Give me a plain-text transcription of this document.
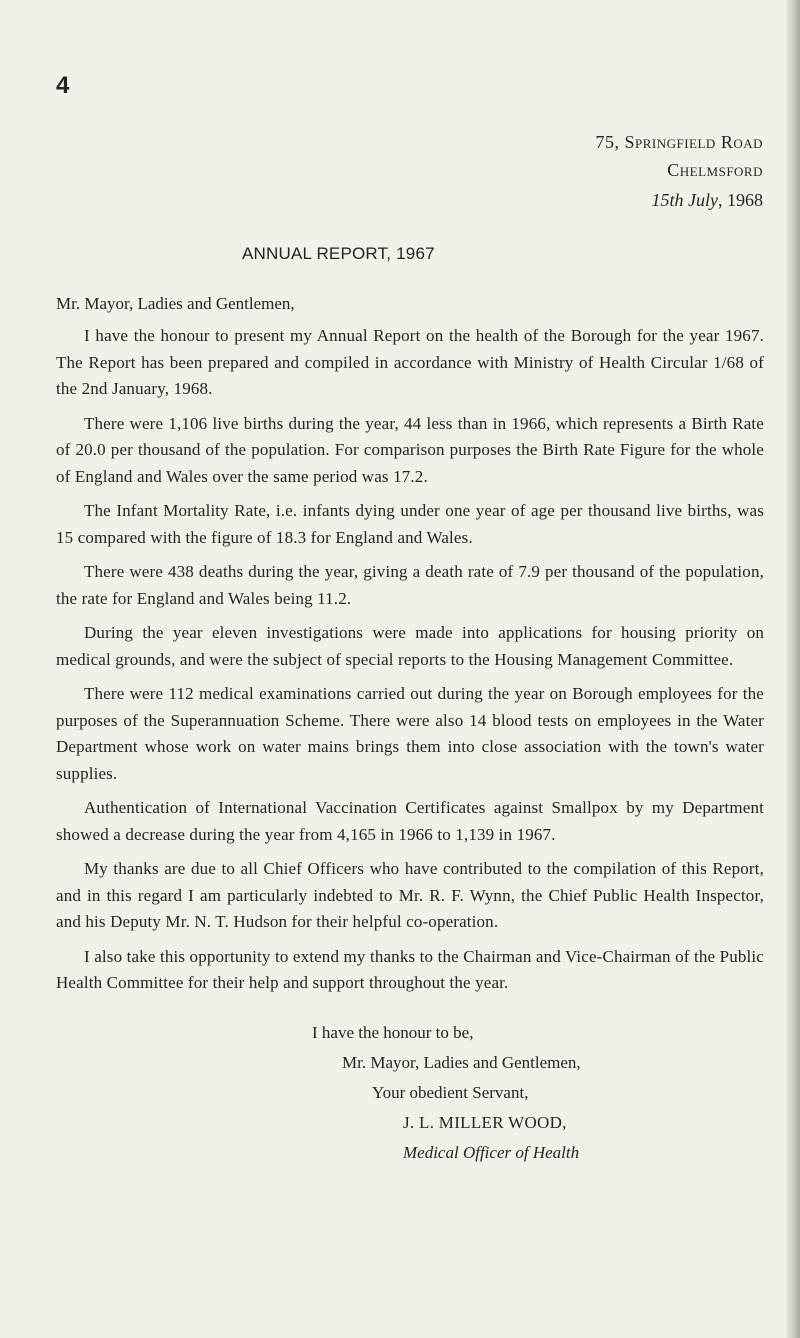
4

75, Springfield Road

Chelmsford

15th July, 1968

ANNUAL REPORT, 1967

Mr. Mayor, Ladies and Gentlemen,

I have the honour to present my Annual Report on the health of the Borough for the year 1967. The Report has been prepared and compiled in accordance with Ministry of Health Circular 1/68 of the 2nd January, 1968.

There were 1,106 live births during the year, 44 less than in 1966, which represents a Birth Rate of 20.0 per thousand of the population. For comparison purposes the Birth Rate Figure for the whole of England and Wales over the same period was 17.2.

The Infant Mortality Rate, i.e. infants dying under one year of age per thousand live births, was 15 compared with the figure of 18.3 for England and Wales.

There were 438 deaths during the year, giving a death rate of 7.9 per thousand of the population, the rate for England and Wales being 11.2.

During the year eleven investigations were made into applications for housing priority on medical grounds, and were the subject of special reports to the Housing Management Committee.

There were 112 medical examinations carried out during the year on Borough employees for the purposes of the Superannuation Scheme. There were also 14 blood tests on employees in the Water Department whose work on water mains brings them into close association with the town's water supplies.

Authentication of International Vaccination Certificates against Smallpox by my Department showed a decrease during the year from 4,165 in 1966 to 1,139 in 1967.

My thanks are due to all Chief Officers who have contributed to the compilation of this Report, and in this regard I am particularly indebted to Mr. R. F. Wynn, the Chief Public Health Inspector, and his Deputy Mr. N. T. Hudson for their helpful co-operation.

I also take this opportunity to extend my thanks to the Chairman and Vice-Chairman of the Public Health Committee for their help and support throughout the year.

I have the honour to be,

Mr. Mayor, Ladies and Gentlemen,

Your obedient Servant,

J. L. MILLER WOOD,

Medical Officer of Health
